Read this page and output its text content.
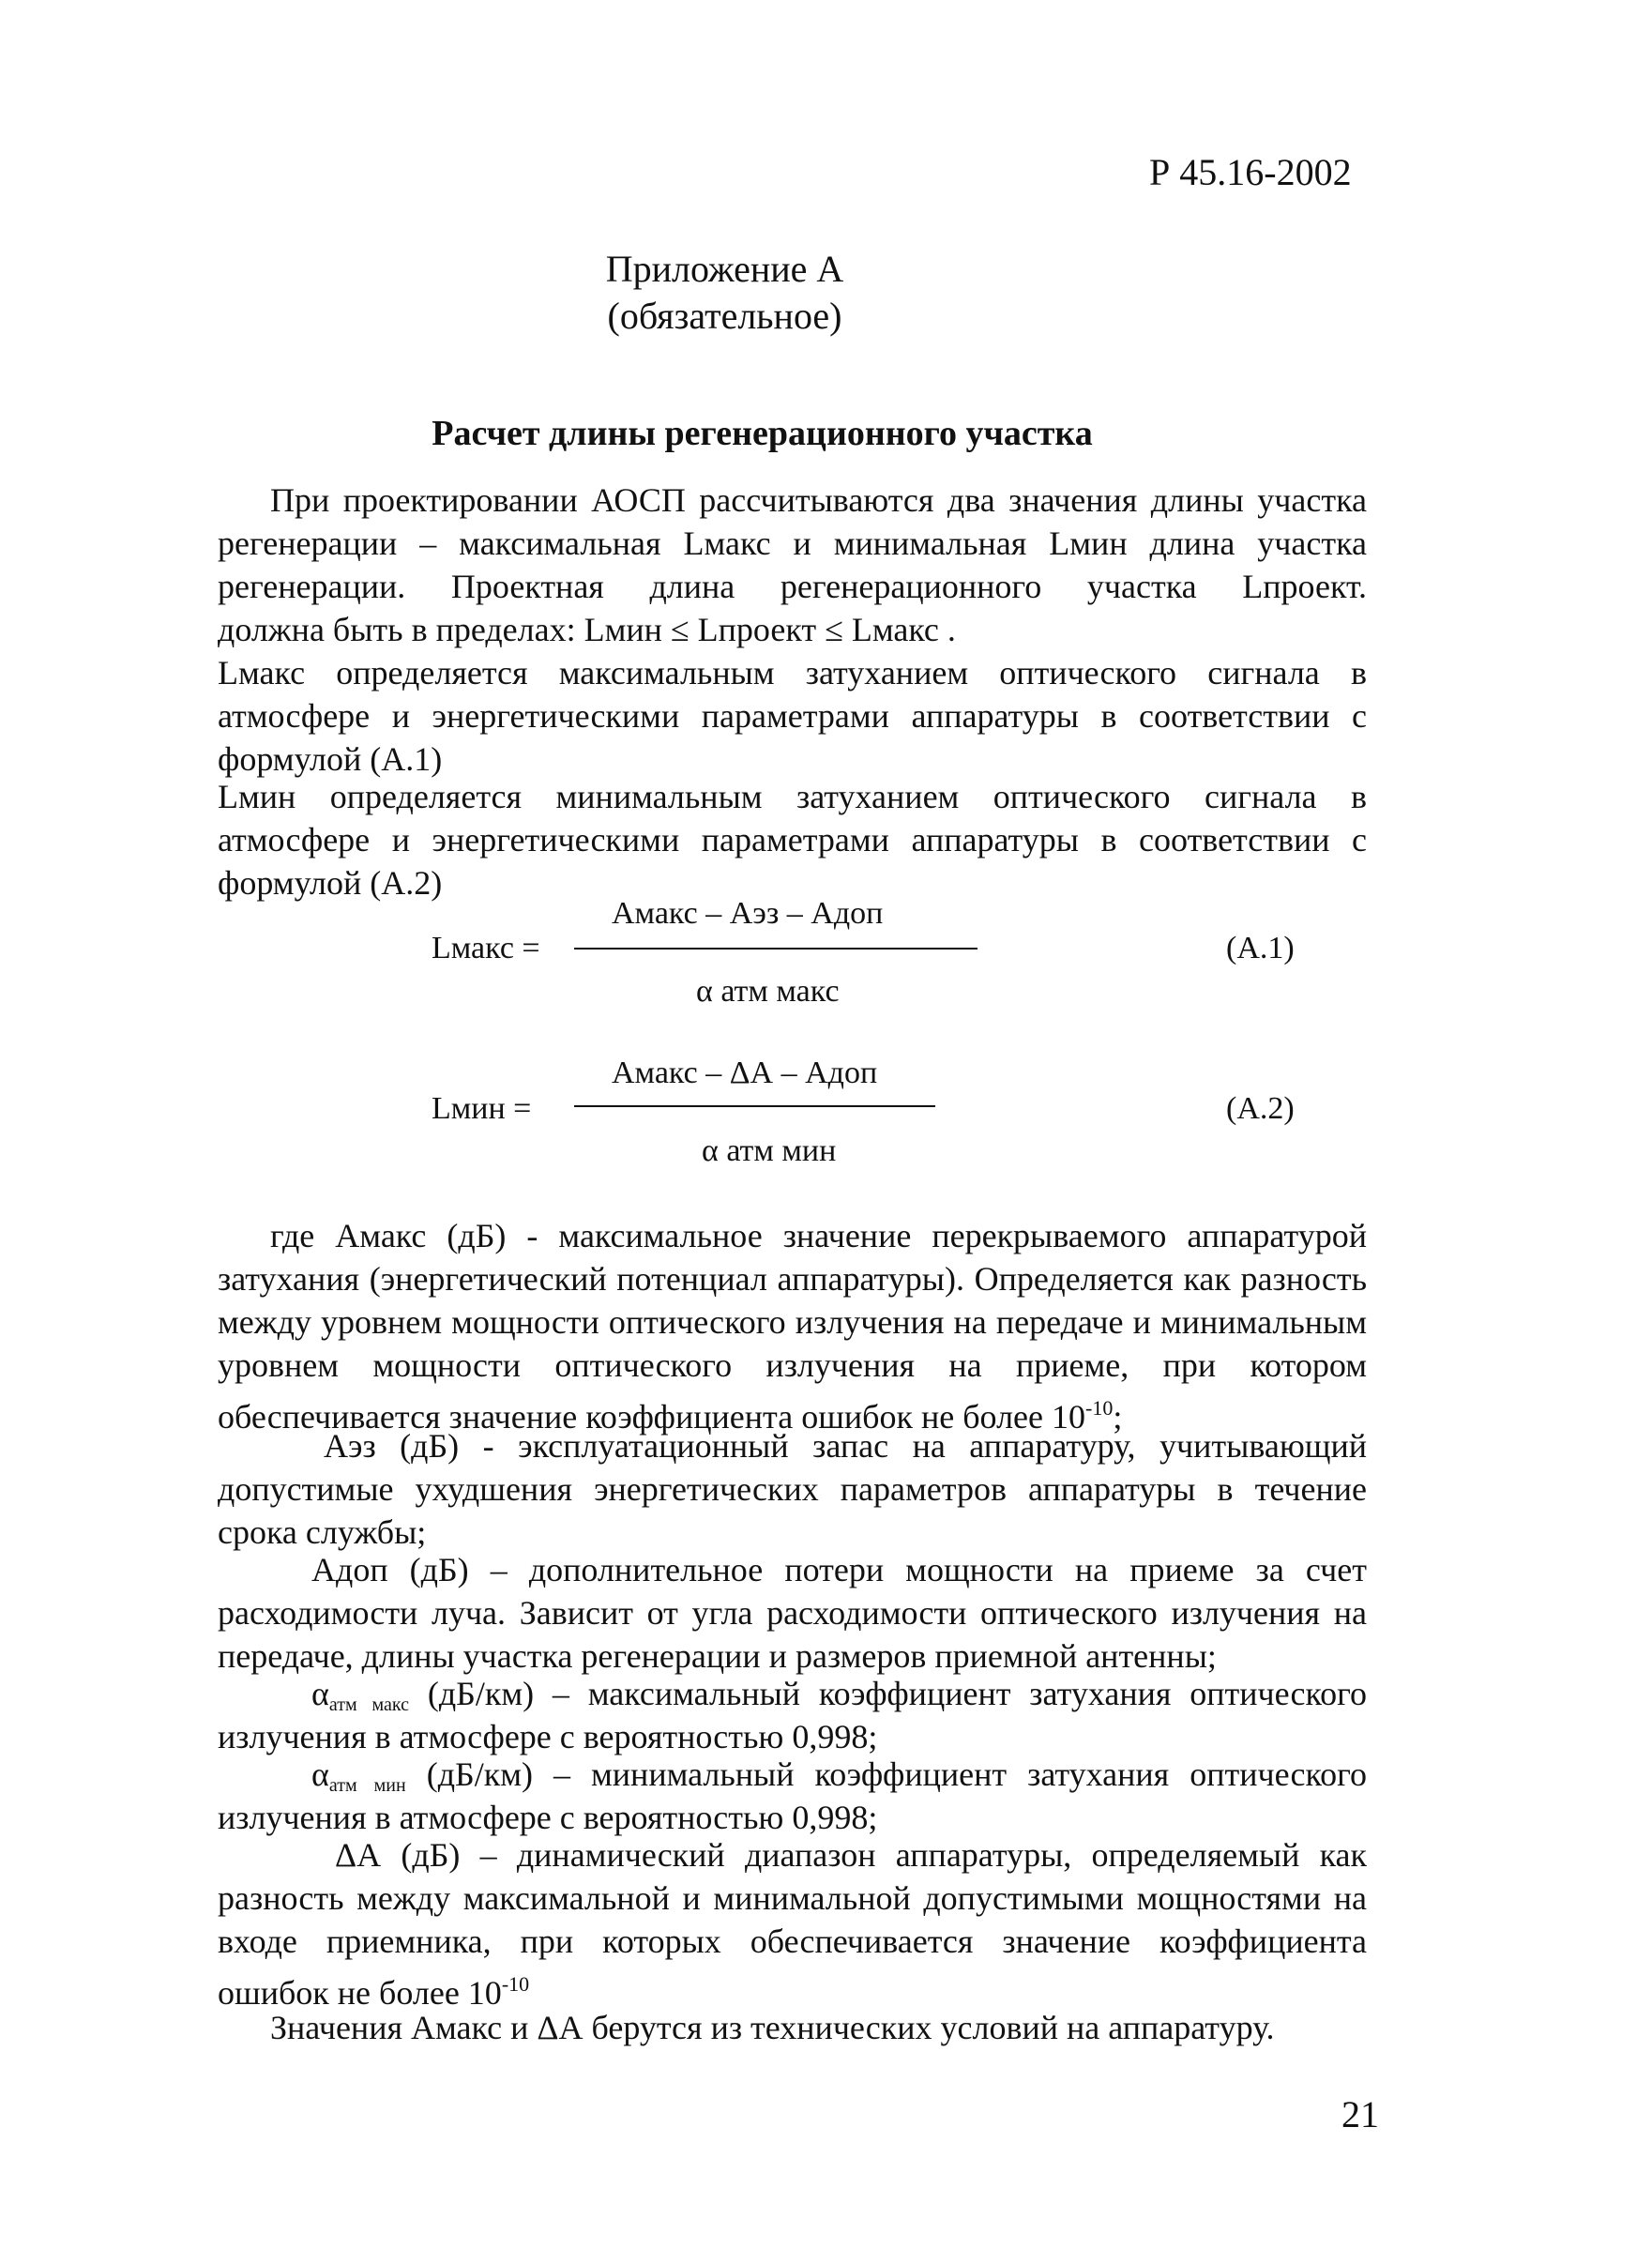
Р 45.16-2002
Приложение А
(обязательное)
Расчет длины регенерационного участка
При проектировании АОСП рассчитываются два значения длины участка
регенерации – максимальная Lмакс и минимальная Lмин длина участка
регенерации. Проектная длина регенерационного участка Lпроект.
должна быть в пределах: Lмин ≤ Lпроект ≤ Lмакс .
Lмакс определяется максимальным затуханием оптического сигнала в
атмосфере и энергетическими параметрами аппаратуры в соответствии с
формулой (А.1)
Lмин определяется минимальным затуханием оптического сигнала в
атмосфере и энергетическими параметрами аппаратуры в соответствии с
формулой (А.2)
Амакс – Аэз – Адоп
Lмакс =	(А.1)
α атм макс
Амакс – ΔА – Адоп
Lмин =	(А.2)
α атм мин
где Амакс (дБ) - максимальное значение перекрываемого аппаратурой
затухания (энергетический потенциал аппаратуры). Определяется как разность
между уровнем мощности оптического излучения на передаче и минимальным
уровнем мощности оптического излучения на приеме, при котором
обеспечивается значение коэффициента ошибок не более $10^{-10}$;
Аэз (дБ) - эксплуатационный запас на аппаратуру, учитывающий
допустимые ухудшения энергетических параметров аппаратуры в течение
срока службы;
Адоп (дБ) – дополнительное потери мощности на приеме за счет
расходимости луча. Зависит от угла расходимости оптического излучения на
передаче, длины участка регенерации и размеров приемной антенны;
$\alpha_{атм макс}$ (дБ/км) – максимальный коэффициент затухания оптического
излучения в атмосфере с вероятностью 0,998;
$\alpha_{атм мин}$ (дБ/км) – минимальный коэффициент затухания оптического
излучения в атмосфере с вероятностью 0,998;
ΔА (дБ) – динамический диапазон аппаратуры, определяемый как
разность между максимальной и минимальной допустимыми мощностями на
входе приемника, при которых обеспечивается значение коэффициента
ошибок не более $10^{-10}$
Значения Амакс и ΔА берутся из технических условий на аппаратуру.
21
